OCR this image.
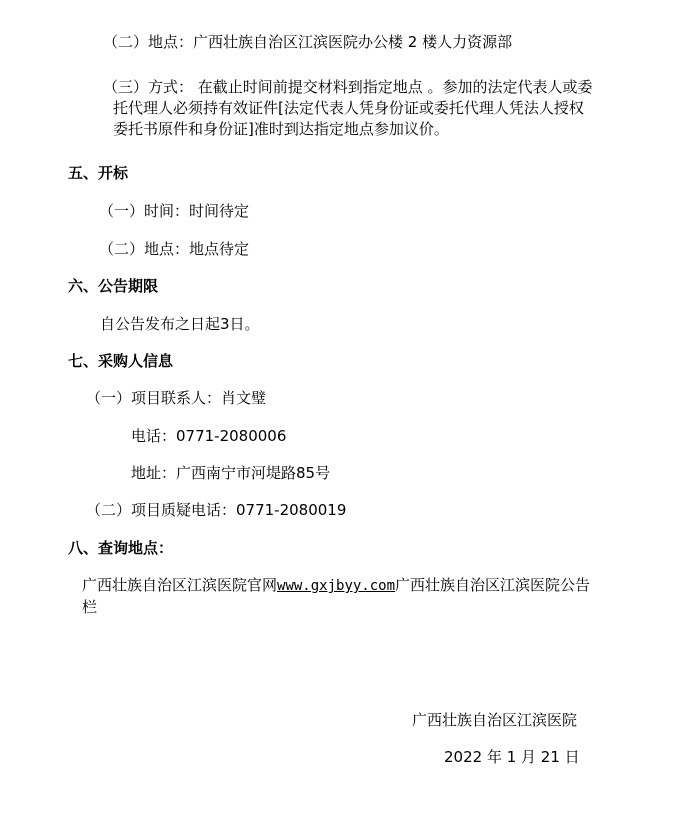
（二）地点：广西壮族自治区江滨医院办公楼 2 楼人力资源部
（三）方式： 在截止时间前提交材料到指定地点 。参加的法定代表人或委
托代理人必须持有效证件[法定代表人凭身份证或委托代理人凭法人授权
委托书原件和身份证]准时到达指定地点参加议价。
五、开标
（一）时间：时间待定
（二）地点：地点待定
六、公告期限
自公告发布之日起3日。
七、采购人信息
（一）项目联系人：肖文璧
电话：0771-2080006
地址：广西南宁市河堤路85号
（二）项目质疑电话：0771-2080019
八、查询地点：
广西壮族自治区江滨医院官网www.gxjbyy.com广西壮族自治区江滨医院公告
栏
广西壮族自治区江滨医院
2022 年 1 月 21 日
